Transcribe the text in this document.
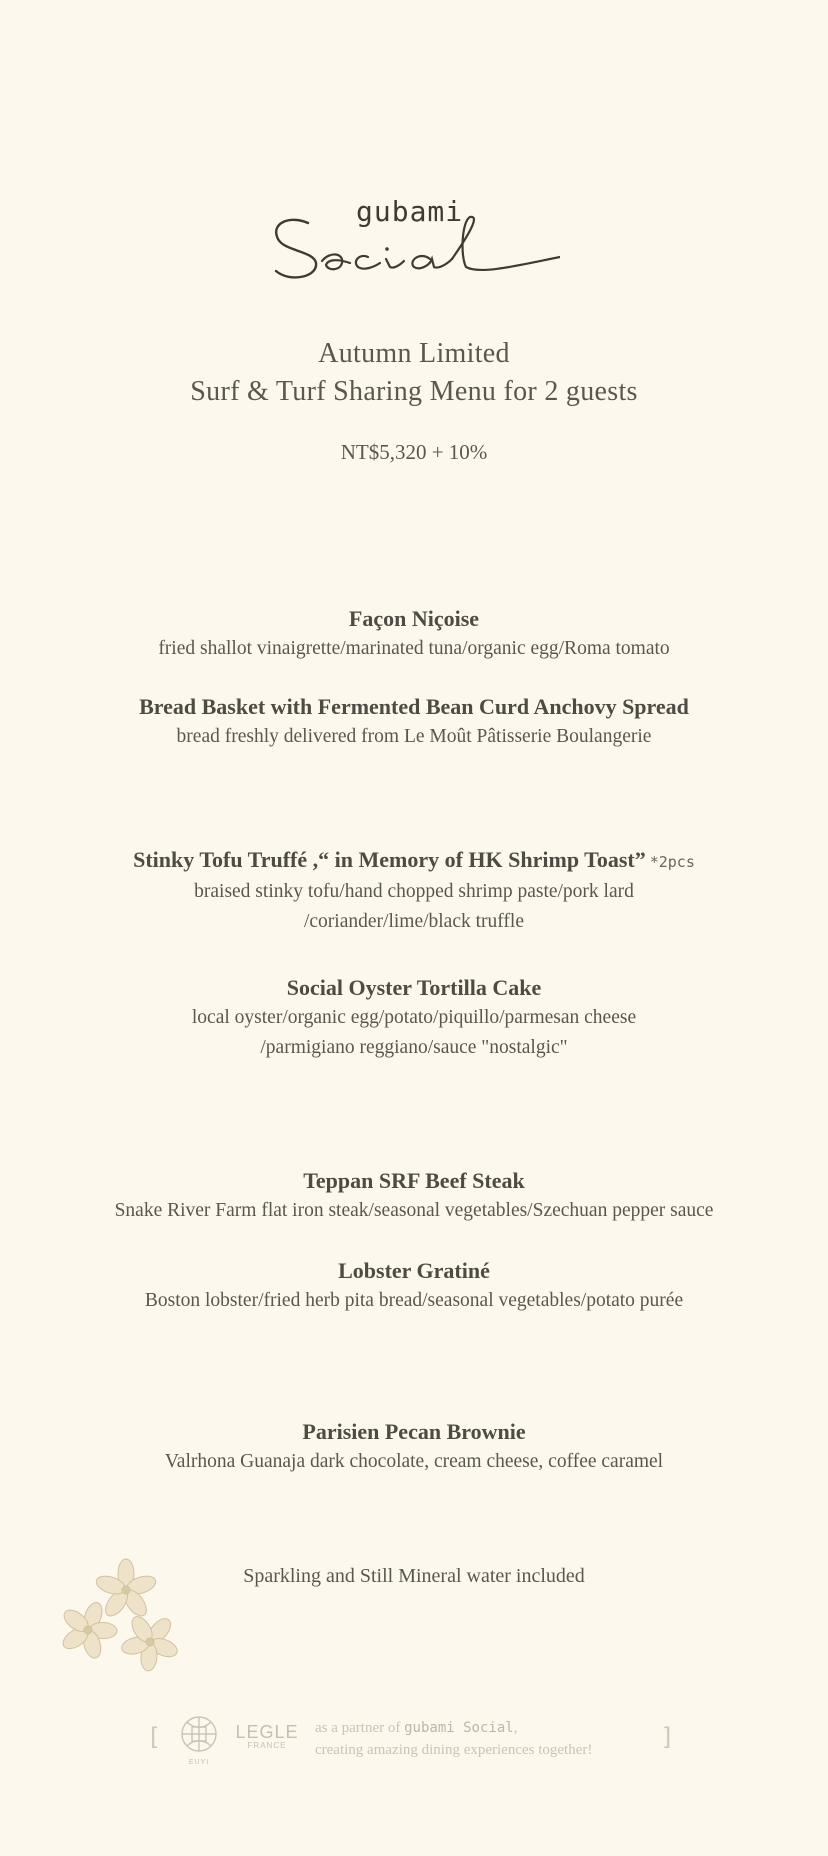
gubami
Autumn Limited
Surf & Turf Sharing Menu for 2 guests
NT$5,320 + 10%
Façon Niçoise
fried shallot vinaigrette/marinated tuna/organic egg/Roma tomato
Bread Basket with Fermented Bean Curd Anchovy Spread
bread freshly delivered from Le Moût Pâtisserie Boulangerie
Stinky Tofu Truffé ,“ in Memory of HK Shrimp Toast” *2pcs
braised stinky tofu/hand chopped shrimp paste/pork lard
/coriander/lime/black truffle
Social Oyster Tortilla Cake
local oyster/organic egg/potato/piquillo/parmesan cheese
/parmigiano reggiano/sauce "nostalgic"
Teppan SRF Beef Steak
Snake River Farm flat iron steak/seasonal vegetables/Szechuan pepper sauce
Lobster Gratiné
Boston lobster/fried herb pita bread/seasonal vegetables/potato purée
Parisien Pecan Brownie
Valrhona Guanaja dark chocolate, cream cheese, coffee caramel
Sparkling and Still Mineral water included
[
EUYI
LEGLE
FRANCE
as a partner of gubami Social,
creating amazing dining experiences together!	]
